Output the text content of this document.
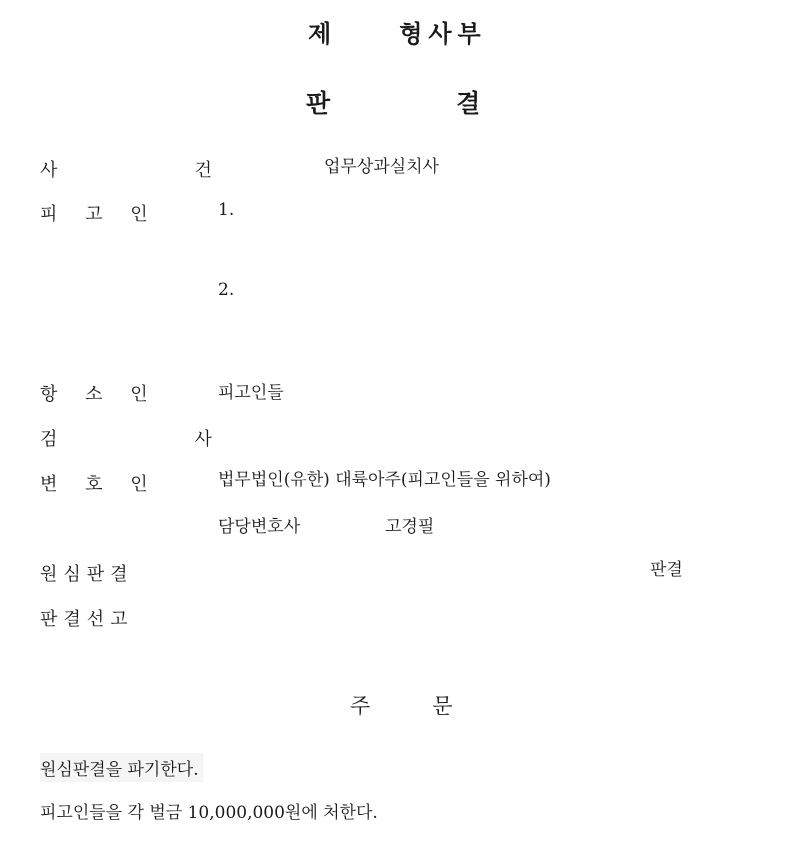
제	형사부
판	결
사   건	업무상과실치사
피 고 인	1.
2.
항 소 인	피고인들
검   사
변 호 인	법무법인(유한) 대륙아주(피고인들을 위하여)
담당변호사	고경필
원심판결	판결
판결선고
주	문
원심판결을 파기한다.
피고인들을 각 벌금 10,000,000원에 처한다.
